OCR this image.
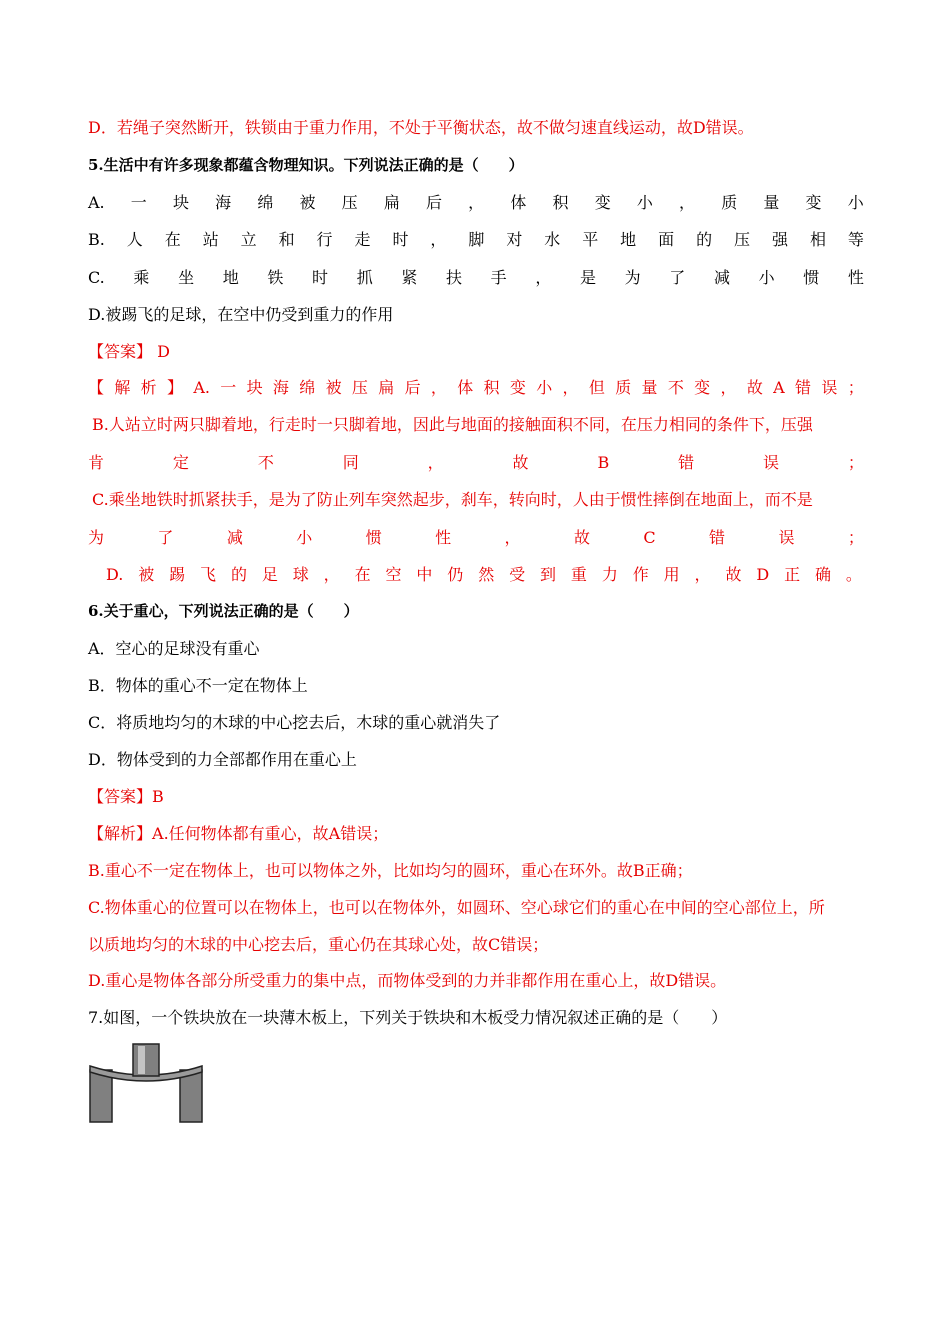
D．若绳子突然断开，铁锁由于重力作用，不处于平衡状态，故不做匀速直线运动，故D错误。
5.生活中有许多现象都蕴含物理知识。下列说法正确的是（　　）
A. 一 块 海 绵 被 压 扁 后 ， 体 积 变 小 ， 质 量 变 小
B. 人 在 站 立 和 行 走 时 ， 脚 对 水 平 地 面 的 压 强 相 等
C. 乘 坐 地 铁 时 抓 紧 扶 手 ， 是 为 了 减 小 惯 性
D.被踢飞的足球，在空中仍受到重力的作用
【答案】 D
【 解 析 】 A. 一 块 海 绵 被 压 扁 后 ， 体 积 变 小 ， 但 质 量 不 变 ， 故 A 错 误 ；
B.人站立时两只脚着地，行走时一只脚着地，因此与地面的接触面积不同，在压力相同的条件下，压强
肯	定	不	同	，	故	B	错	误	；
C.乘坐地铁时抓紧扶手，是为了防止列车突然起步，刹车，转向时，人由于惯性摔倒在地面上，而不是
为	了	减	小	惯	性	，	故	C	错	误	；
D. 被 踢 飞 的 足 球 ， 在 空 中 仍 然 受 到 重 力 作 用 ， 故 D 正 确 。
6.关于重心，下列说法正确的是（　　）
A．空心的足球没有重心
B．物体的重心不一定在物体上
C．将质地均匀的木球的中心挖去后，木球的重心就消失了
D．物体受到的力全部都作用在重心上
【答案】B
【解析】A.任何物体都有重心，故A错误；
B.重心不一定在物体上，也可以物体之外，比如均匀的圆环，重心在环外。故B正确；
C.物体重心的位置可以在物体上，也可以在物体外，如圆环、空心球它们的重心在中间的空心部位上，所
以质地均匀的木球的中心挖去后，重心仍在其球心处，故C错误；
D.重心是物体各部分所受重力的集中点，而物体受到的力并非都作用在重心上，故D错误。
7.如图，一个铁块放在一块薄木板上，下列关于铁块和木板受力情况叙述正确的是（　　）
